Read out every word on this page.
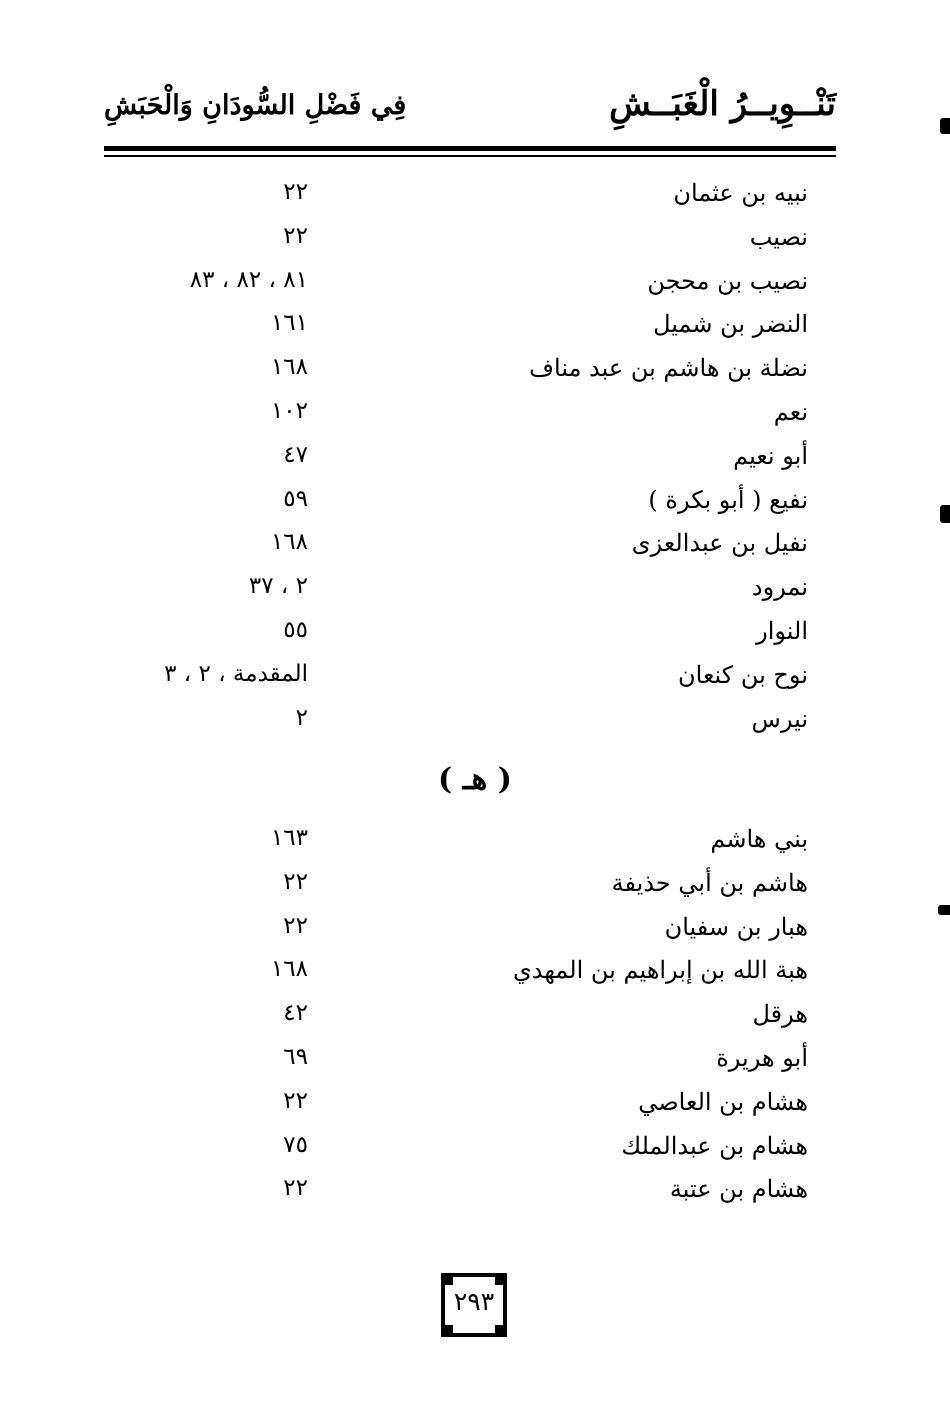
تَنْــوِيــرُ الْغَبَــشِ
فِي فَضْلِ السُّودَانِ وَالْحَبَشِ
نبيه بن عثمان
٢٢
نصيب
٢٢
نصيب بن محجن
٨١ ، ٨٢ ، ٨٣
النضر بن شميل
١٦١
نضلة بن هاشم بن عبد مناف
١٦٨
نعم
١٠٢
أبو نعيم
٤٧
نفيع ( أبو بكرة )
٥٩
نفيل بن عبدالعزى
١٦٨
نمرود
٢ ، ٣٧
النوار
٥٥
نوح بن كنعان
المقدمة ، ٢ ، ٣
نيرس
٢
( هـ )
بني هاشم
١٦٣
هاشم بن أبي حذيفة
٢٢
هبار بن سفيان
٢٢
هبة الله بن إبراهيم بن المهدي
١٦٨
هرقل
٤٢
أبو هريرة
٦٩
هشام بن العاصي
٢٢
هشام بن عبدالملك
٧٥
هشام بن عتبة
٢٢
٢٩٣
